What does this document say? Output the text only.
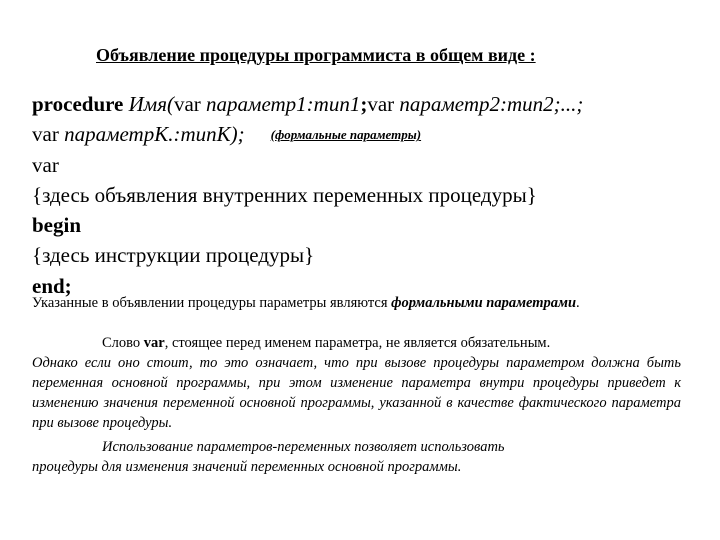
Объявление процедуры программиста в общем виде :
procedure Имя(var параметр1:тип1;var параметр2:тип2;...;
var параметрK.:типK); (формальные параметры)
var
{здесь объявления внутренних переменных процедуры}
begin
{здесь инструкции процедуры}
end;
Указанные в объявлении процедуры параметры являются формальными параметрами.
Слово var, стоящее перед именем параметра, не является обязательным.
Однако если оно стоит, то это означает, что при вызове процедуры параметром должна быть переменная основной программы, при этом изменение параметра внутри процедуры приведет к изменению значения переменной основной программы, указанной в качестве фактического параметра при вызове процедуры.
Использование параметров-переменных позволяет использовать
процедуры для изменения значений переменных основной программы.
